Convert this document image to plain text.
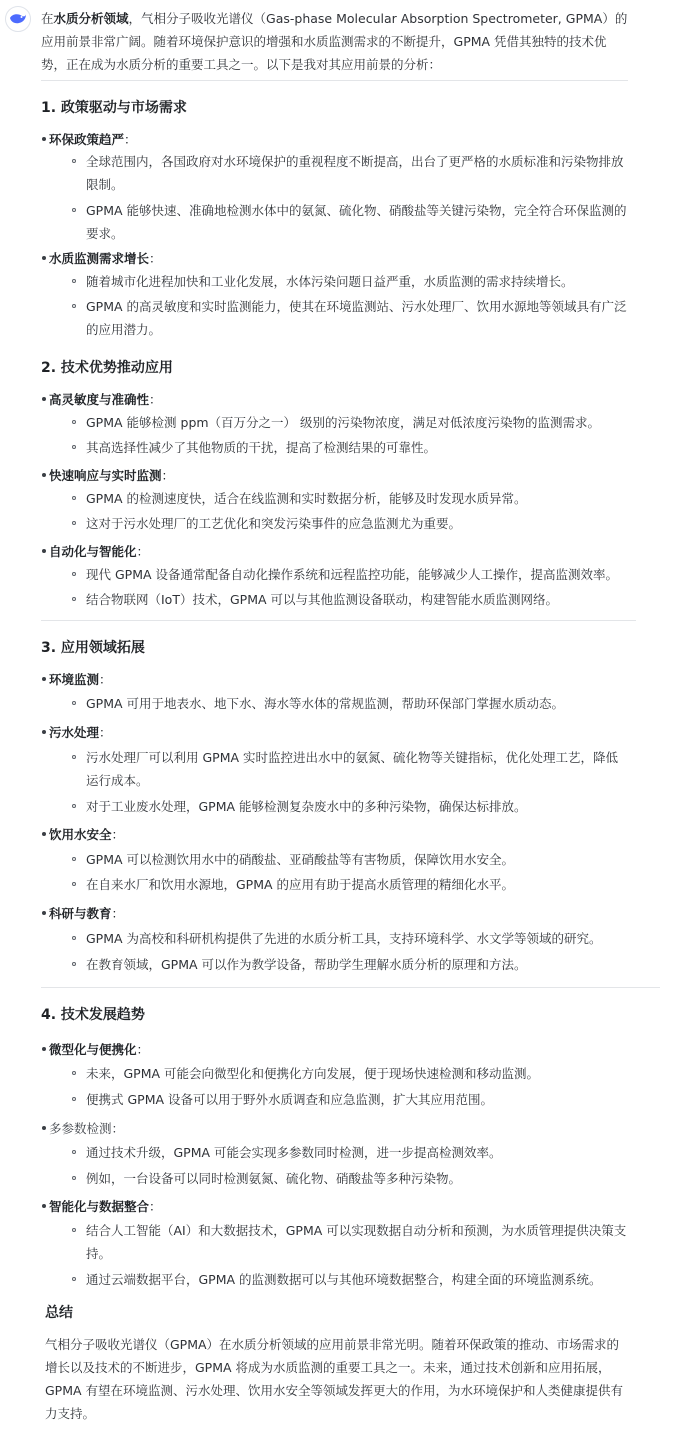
在水质分析领域，气相分子吸收光谱仪（Gas-phase Molecular Absorption Spectrometer, GPMA）的
应用前景非常广阔。随着环境保护意识的增强和水质监测需求的不断提升，GPMA 凭借其独特的技术优
势，正在成为水质分析的重要工具之一。以下是我对其应用前景的分析：
1. 政策驱动与市场需求
环保政策趋严：
全球范围内，各国政府对水环境保护的重视程度不断提高，出台了更严格的水质标准和污染物排放
限制。
GPMA 能够快速、准确地检测水体中的氨氮、硫化物、硝酸盐等关键污染物，完全符合环保监测的
要求。
水质监测需求增长：
随着城市化进程加快和工业化发展，水体污染问题日益严重，水质监测的需求持续增长。
GPMA 的高灵敏度和实时监测能力，使其在环境监测站、污水处理厂、饮用水源地等领域具有广泛
的应用潜力。
2. 技术优势推动应用
高灵敏度与准确性：
GPMA 能够检测 ppm（百万分之一） 级别的污染物浓度，满足对低浓度污染物的监测需求。
其高选择性减少了其他物质的干扰，提高了检测结果的可靠性。
快速响应与实时监测：
GPMA 的检测速度快，适合在线监测和实时数据分析，能够及时发现水质异常。
这对于污水处理厂的工艺优化和突发污染事件的应急监测尤为重要。
自动化与智能化：
现代 GPMA 设备通常配备自动化操作系统和远程监控功能，能够减少人工操作，提高监测效率。
结合物联网（IoT）技术，GPMA 可以与其他监测设备联动，构建智能水质监测网络。
3. 应用领域拓展
环境监测：
GPMA 可用于地表水、地下水、海水等水体的常规监测，帮助环保部门掌握水质动态。
污水处理：
污水处理厂可以利用 GPMA 实时监控进出水中的氨氮、硫化物等关键指标，优化处理工艺，降低
运行成本。
对于工业废水处理，GPMA 能够检测复杂废水中的多种污染物，确保达标排放。
饮用水安全：
GPMA 可以检测饮用水中的硝酸盐、亚硝酸盐等有害物质，保障饮用水安全。
在自来水厂和饮用水源地，GPMA 的应用有助于提高水质管理的精细化水平。
科研与教育：
GPMA 为高校和科研机构提供了先进的水质分析工具，支持环境科学、水文学等领域的研究。
在教育领域，GPMA 可以作为教学设备，帮助学生理解水质分析的原理和方法。
4. 技术发展趋势
微型化与便携化：
未来，GPMA 可能会向微型化和便携化方向发展，便于现场快速检测和移动监测。
便携式 GPMA 设备可以用于野外水质调查和应急监测，扩大其应用范围。
多参数检测：
通过技术升级，GPMA 可能会实现多参数同时检测，进一步提高检测效率。
例如，一台设备可以同时检测氨氮、硫化物、硝酸盐等多种污染物。
智能化与数据整合：
结合人工智能（AI）和大数据技术，GPMA 可以实现数据自动分析和预测，为水质管理提供决策支
持。
通过云端数据平台，GPMA 的监测数据可以与其他环境数据整合，构建全面的环境监测系统。
总结
气相分子吸收光谱仪（GPMA）在水质分析领域的应用前景非常光明。随着环保政策的推动、市场需求的
增长以及技术的不断进步，GPMA 将成为水质监测的重要工具之一。未来，通过技术创新和应用拓展，
GPMA 有望在环境监测、污水处理、饮用水安全等领域发挥更大的作用，为水环境保护和人类健康提供有
力支持。
